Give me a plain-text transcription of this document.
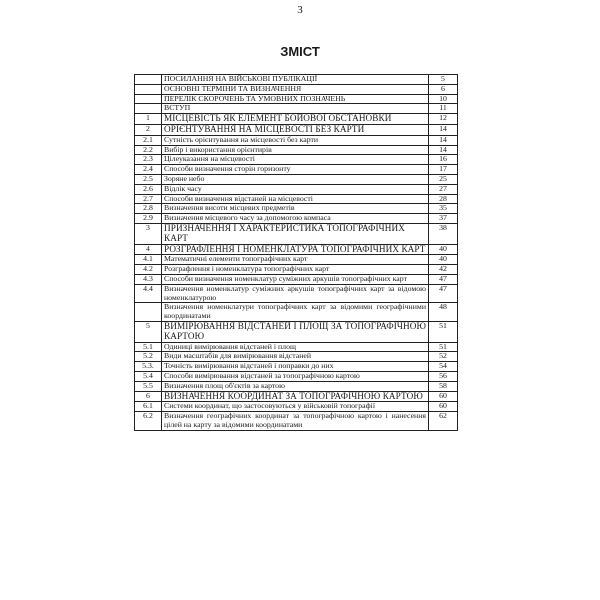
3
ЗМІСТ
	ПОСИЛАННЯ НА ВІЙСЬКОВІ ПУБЛІКАЦІЇ	5
	ОСНОВНІ ТЕРМІНИ ТА ВИЗНАЧЕННЯ	6
	ПЕРЕЛІК СКОРОЧЕНЬ ТА УМОВНИХ ПОЗНАЧЕНЬ	10
	ВСТУП	11
1	МІСЦЕВІСТЬ ЯК ЕЛЕМЕНТ БОЙОВОЇ ОБСТАНОВКИ	12
2	ОРІЄНТУВАННЯ НА МІСЦЕВОСТІ БЕЗ КАРТИ	14
2.1	Сутність орієнтування на місцевості без карти	14
2.2	Вибір і використання орієнтирів	14
2.3	Цілеуказання на місцевості	16
2.4	Способи визначення сторін горизонту	17
2.5	Зоряне небо	25
2.6	Відлік часу	27
2.7	Способи визначення відстаней на місцевості	28
2.8	Визначення висоти місцевих предметів	35
2.9	Визначення місцевого часу за допомогою компаса	37
3	ПРИЗНАЧЕННЯ І ХАРАКТЕРИСТИКА ТОПОГРАФІЧНИХ КАРТ	38
4	РОЗГРАФЛЕННЯ І НОМЕНКЛАТУРА ТОПОГРАФІЧНИХ КАРТ	40
4.1	Математичні елементи топографічних карт	40
4.2	Розграфлення і номенклатура топографічних карт	42
4.3	Способи визначення номенклатур суміжних аркушів топографічних карт	47
4.4	Визначення номенклатур суміжних аркушів топографічних карт за відомою номенклатурою	47
	Визначення номенклатури топографічних карт за відомими географічними координатами	48
5	ВИМІРЮВАННЯ ВІДСТАНЕЙ І ПЛОЩ ЗА ТОПОГРАФІЧНОЮ КАРТОЮ	51
5.1	Одиниці вимірювання відстаней і площ	51
5.2	Види масштабів для вимірювання відстаней	52
5.3.	Точність вимірювання відстаней і поправки до них	54
5.4	Способи вимірювання відстаней за топографічною картою	56
5.5	Визначення площ об'єктів за картою	58
6	ВИЗНАЧЕННЯ КООРДИНАТ ЗА ТОПОГРАФІЧНОЮ КАРТОЮ	60
6.1	Системи координат, що застосовуються у військовій топографії	60
6.2	Визначення географічних координат за топографічною картою і нанесення цілей на карту за відомими координатами	62
